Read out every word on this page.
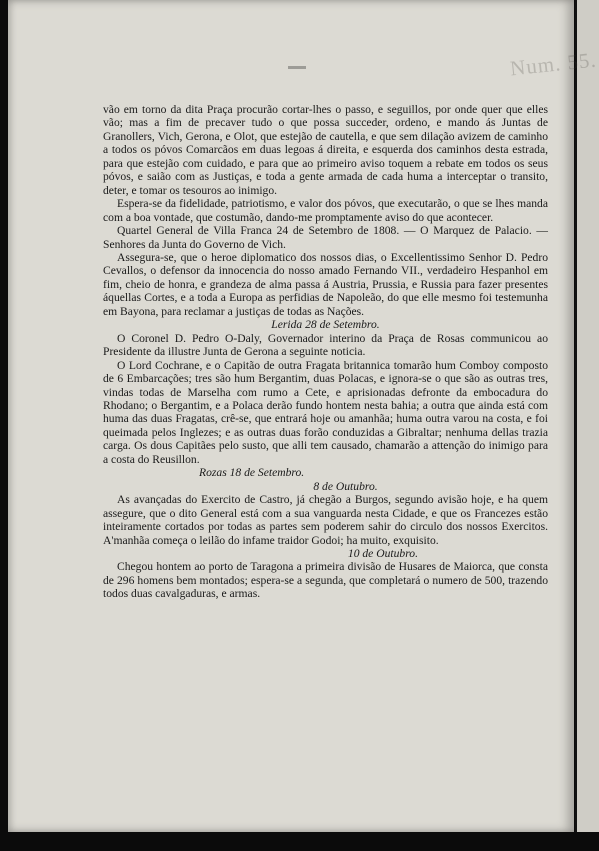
Num. 55.

vão em torno da dita Praça procurão cortar-lhes o passo, e seguillos, por onde quer que elles vão; mas a fim de precaver tudo o que possa succeder, ordeno, e mando ás Juntas de Granollers, Vich, Gerona, e Olot, que estejão de cautella, e que sem dilação avizem de caminho a todos os póvos Comarcãos em duas legoas á direita, e esquerda dos caminhos desta estrada, para que estejão com cuidado, e para que ao primeiro aviso toquem a rebate em todos os seus póvos, e saião com as Justiças, e toda a gente armada de cada huma a interceptar o transito, deter, e tomar os tesouros ao inimigo.

Espera-se da fidelidade, patriotismo, e valor dos póvos, que executarão, o que se lhes manda com a boa vontade, que costumão, dando-me promptamente aviso do que acontecer.

Quartel General de Villa Franca 24 de Setembro de 1808. — O Marquez de Palacio. — Senhores da Junta do Governo de Vich.

Assegura-se, que o heroe diplomatico dos nossos dias, o Excellentissimo Senhor D. Pedro Cevallos, o defensor da innocencia do nosso amado Fernando VII., verdadeiro Hespanhol em fim, cheio de honra, e grandeza de alma passa á Austria, Prussia, e Russia para fazer presentes áquellas Cortes, e a toda a Europa as perfidias de Napoleão, do que elle mesmo foi testemunha em Bayona, para reclamar a justiças de todas as Nações.

Lerida 28 de Setembro.

O Coronel D. Pedro O-Daly, Governador interino da Praça de Rosas communicou ao Presidente da illustre Junta de Gerona a seguinte noticia.

O Lord Cochrane, e o Capitão de outra Fragata britannica tomarão hum Comboy composto de 6 Embarcações; tres são hum Bergantim, duas Polacas, e ignora-se o que são as outras tres, vindas todas de Marselha com rumo a Cete, e aprisionadas defronte da embocadura do Rhodano; o Bergantim, e a Polaca derão fundo hontem nesta bahia; a outra que ainda está com huma das duas Fragatas, crê-se, que entrará hoje ou amanhãa; huma outra varou na costa, e foi queimada pelos Inglezes; e as outras duas forão conduzidas a Gibraltar; nenhuma dellas trazia carga. Os dous Capitães pelo susto, que alli tem causado, chamarão a attenção do inimigo para a costa do Reusillon.

Rozas 18 de Setembro.

8 de Outubro.

As avançadas do Exercito de Castro, já chegão a Burgos, segundo avisão hoje, e ha quem assegure, que o dito General está com a sua vanguarda nesta Cidade, e que os Francezes estão inteiramente cortados por todas as partes sem poderem sahir do circulo dos nossos Exercitos. A'manhãa começa o leilão do infame traidor Godoi; ha muito, exquisito.

10 de Outubro.

Chegou hontem ao porto de Taragona a primeira divisão de Husares de Maiorca, que consta de 296 homens bem montados; espera-se a segunda, que completará o numero de 500, trazendo todos duas cavalgaduras, e armas.
